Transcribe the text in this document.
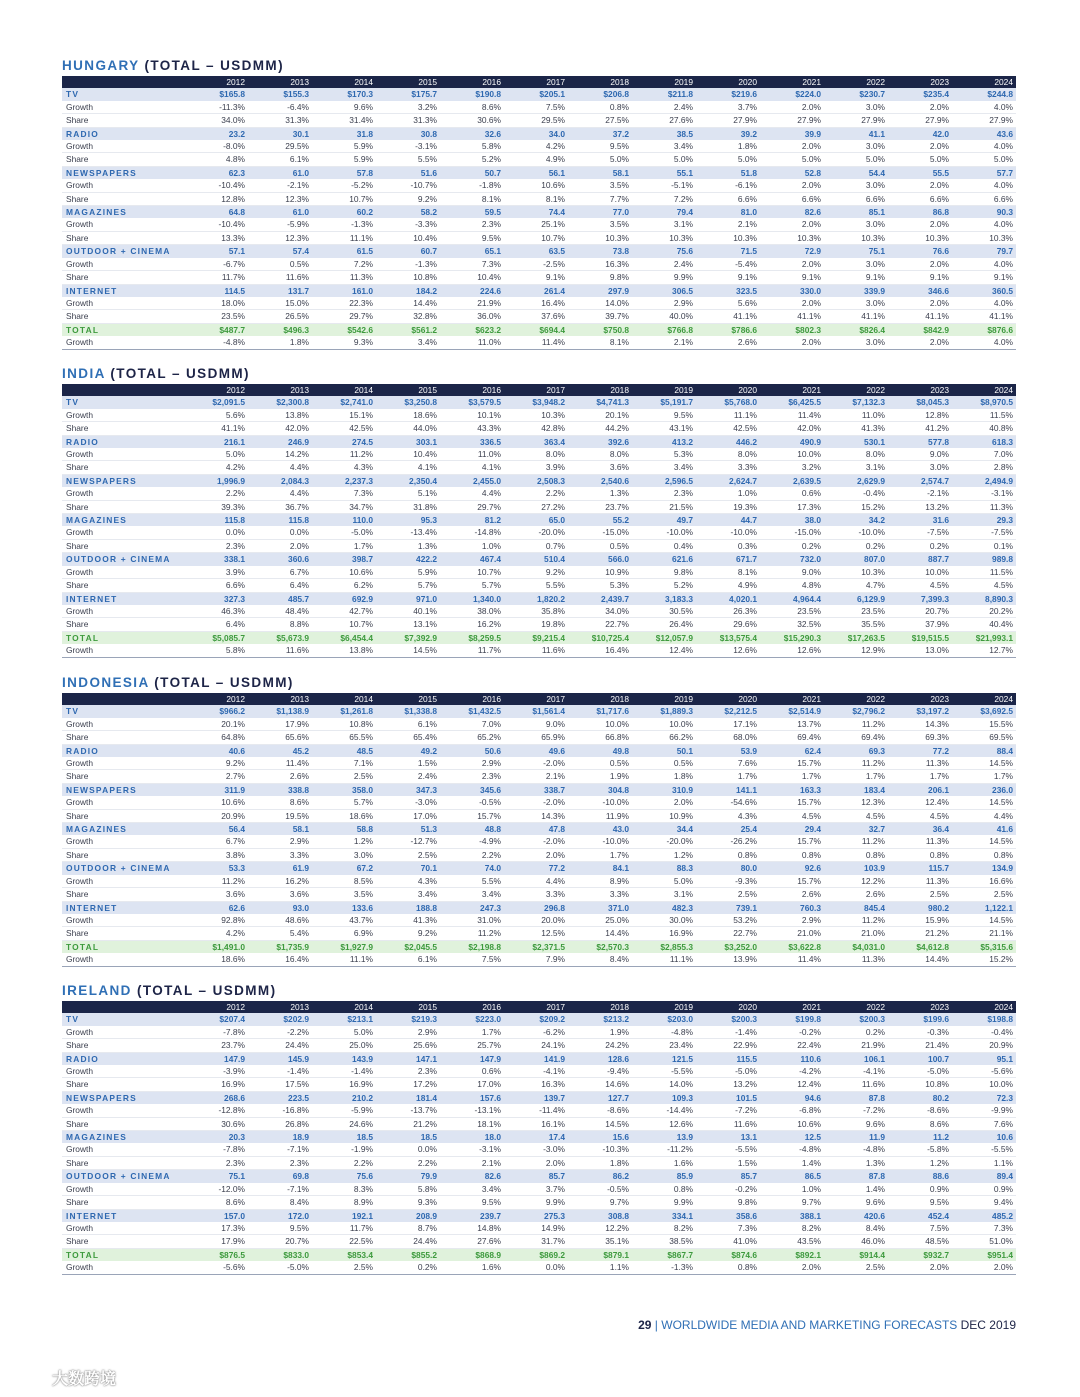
HUNGARY (TOTAL – USDMM)
	2012	2013	2014	2015	2016	2017	2018	2019	2020	2021	2022	2023	2024
TV	$165.8	$155.3	$170.3	$175.7	$190.8	$205.1	$206.8	$211.8	$219.6	$224.0	$230.7	$235.4	$244.8
Growth	-11.3%	-6.4%	9.6%	3.2%	8.6%	7.5%	0.8%	2.4%	3.7%	2.0%	3.0%	2.0%	4.0%
Share	34.0%	31.3%	31.4%	31.3%	30.6%	29.5%	27.5%	27.6%	27.9%	27.9%	27.9%	27.9%	27.9%
RADIO	23.2	30.1	31.8	30.8	32.6	34.0	37.2	38.5	39.2	39.9	41.1	42.0	43.6
Growth	-8.0%	29.5%	5.9%	-3.1%	5.8%	4.2%	9.5%	3.4%	1.8%	2.0%	3.0%	2.0%	4.0%
Share	4.8%	6.1%	5.9%	5.5%	5.2%	4.9%	5.0%	5.0%	5.0%	5.0%	5.0%	5.0%	5.0%
NEWSPAPERS	62.3	61.0	57.8	51.6	50.7	56.1	58.1	55.1	51.8	52.8	54.4	55.5	57.7
Growth	-10.4%	-2.1%	-5.2%	-10.7%	-1.8%	10.6%	3.5%	-5.1%	-6.1%	2.0%	3.0%	2.0%	4.0%
Share	12.8%	12.3%	10.7%	9.2%	8.1%	8.1%	7.7%	7.2%	6.6%	6.6%	6.6%	6.6%	6.6%
MAGAZINES	64.8	61.0	60.2	58.2	59.5	74.4	77.0	79.4	81.0	82.6	85.1	86.8	90.3
Growth	-10.4%	-5.9%	-1.3%	-3.3%	2.3%	25.1%	3.5%	3.1%	2.1%	2.0%	3.0%	2.0%	4.0%
Share	13.3%	12.3%	11.1%	10.4%	9.5%	10.7%	10.3%	10.3%	10.3%	10.3%	10.3%	10.3%	10.3%
OUTDOOR + CINEMA	57.1	57.4	61.5	60.7	65.1	63.5	73.8	75.6	71.5	72.9	75.1	76.6	79.7
Growth	-6.7%	0.5%	7.2%	-1.3%	7.3%	-2.5%	16.3%	2.4%	-5.4%	2.0%	3.0%	2.0%	4.0%
Share	11.7%	11.6%	11.3%	10.8%	10.4%	9.1%	9.8%	9.9%	9.1%	9.1%	9.1%	9.1%	9.1%
INTERNET	114.5	131.7	161.0	184.2	224.6	261.4	297.9	306.5	323.5	330.0	339.9	346.6	360.5
Growth	18.0%	15.0%	22.3%	14.4%	21.9%	16.4%	14.0%	2.9%	5.6%	2.0%	3.0%	2.0%	4.0%
Share	23.5%	26.5%	29.7%	32.8%	36.0%	37.6%	39.7%	40.0%	41.1%	41.1%	41.1%	41.1%	41.1%
TOTAL	$487.7	$496.3	$542.6	$561.2	$623.2	$694.4	$750.8	$766.8	$786.6	$802.3	$826.4	$842.9	$876.6
Growth	-4.8%	1.8%	9.3%	3.4%	11.0%	11.4%	8.1%	2.1%	2.6%	2.0%	3.0%	2.0%	4.0%
INDIA (TOTAL – USDMM)
	2012	2013	2014	2015	2016	2017	2018	2019	2020	2021	2022	2023	2024
TV	$2,091.5	$2,300.8	$2,741.0	$3,250.8	$3,579.5	$3,948.2	$4,741.3	$5,191.7	$5,768.0	$6,425.5	$7,132.3	$8,045.3	$8,970.5
Growth	5.6%	13.8%	15.1%	18.6%	10.1%	10.3%	20.1%	9.5%	11.1%	11.4%	11.0%	12.8%	11.5%
Share	41.1%	42.0%	42.5%	44.0%	43.3%	42.8%	44.2%	43.1%	42.5%	42.0%	41.3%	41.2%	40.8%
RADIO	216.1	246.9	274.5	303.1	336.5	363.4	392.6	413.2	446.2	490.9	530.1	577.8	618.3
Growth	5.0%	14.2%	11.2%	10.4%	11.0%	8.0%	8.0%	5.3%	8.0%	10.0%	8.0%	9.0%	7.0%
Share	4.2%	4.4%	4.3%	4.1%	4.1%	3.9%	3.6%	3.4%	3.3%	3.2%	3.1%	3.0%	2.8%
NEWSPAPERS	1,996.9	2,084.3	2,237.3	2,350.4	2,455.0	2,508.3	2,540.6	2,596.5	2,624.7	2,639.5	2,629.9	2,574.7	2,494.9
Growth	2.2%	4.4%	7.3%	5.1%	4.4%	2.2%	1.3%	2.3%	1.0%	0.6%	-0.4%	-2.1%	-3.1%
Share	39.3%	36.7%	34.7%	31.8%	29.7%	27.2%	23.7%	21.5%	19.3%	17.3%	15.2%	13.2%	11.3%
MAGAZINES	115.8	115.8	110.0	95.3	81.2	65.0	55.2	49.7	44.7	38.0	34.2	31.6	29.3
Growth	0.0%	0.0%	-5.0%	-13.4%	-14.8%	-20.0%	-15.0%	-10.0%	-10.0%	-15.0%	-10.0%	-7.5%	-7.5%
Share	2.3%	2.0%	1.7%	1.3%	1.0%	0.7%	0.5%	0.4%	0.3%	0.2%	0.2%	0.2%	0.1%
OUTDOOR + CINEMA	338.1	360.6	398.7	422.2	467.4	510.4	566.0	621.6	671.7	732.0	807.0	887.7	989.8
Growth	3.9%	6.7%	10.6%	5.9%	10.7%	9.2%	10.9%	9.8%	8.1%	9.0%	10.3%	10.0%	11.5%
Share	6.6%	6.4%	6.2%	5.7%	5.7%	5.5%	5.3%	5.2%	4.9%	4.8%	4.7%	4.5%	4.5%
INTERNET	327.3	485.7	692.9	971.0	1,340.0	1,820.2	2,439.7	3,183.3	4,020.1	4,964.4	6,129.9	7,399.3	8,890.3
Growth	46.3%	48.4%	42.7%	40.1%	38.0%	35.8%	34.0%	30.5%	26.3%	23.5%	23.5%	20.7%	20.2%
Share	6.4%	8.8%	10.7%	13.1%	16.2%	19.8%	22.7%	26.4%	29.6%	32.5%	35.5%	37.9%	40.4%
TOTAL	$5,085.7	$5,673.9	$6,454.4	$7,392.9	$8,259.5	$9,215.4	$10,725.4	$12,057.9	$13,575.4	$15,290.3	$17,263.5	$19,515.5	$21,993.1
Growth	5.8%	11.6%	13.8%	14.5%	11.7%	11.6%	16.4%	12.4%	12.6%	12.6%	12.9%	13.0%	12.7%
INDONESIA (TOTAL – USDMM)
	2012	2013	2014	2015	2016	2017	2018	2019	2020	2021	2022	2023	2024
TV	$966.2	$1,138.9	$1,261.8	$1,338.8	$1,432.5	$1,561.4	$1,717.6	$1,889.3	$2,212.5	$2,514.9	$2,796.2	$3,197.2	$3,692.5
Growth	20.1%	17.9%	10.8%	6.1%	7.0%	9.0%	10.0%	10.0%	17.1%	13.7%	11.2%	14.3%	15.5%
Share	64.8%	65.6%	65.5%	65.4%	65.2%	65.9%	66.8%	66.2%	68.0%	69.4%	69.4%	69.3%	69.5%
RADIO	40.6	45.2	48.5	49.2	50.6	49.6	49.8	50.1	53.9	62.4	69.3	77.2	88.4
Growth	9.2%	11.4%	7.1%	1.5%	2.9%	-2.0%	0.5%	0.5%	7.6%	15.7%	11.2%	11.3%	14.5%
Share	2.7%	2.6%	2.5%	2.4%	2.3%	2.1%	1.9%	1.8%	1.7%	1.7%	1.7%	1.7%	1.7%
NEWSPAPERS	311.9	338.8	358.0	347.3	345.6	338.7	304.8	310.9	141.1	163.3	183.4	206.1	236.0
Growth	10.6%	8.6%	5.7%	-3.0%	-0.5%	-2.0%	-10.0%	2.0%	-54.6%	15.7%	12.3%	12.4%	14.5%
Share	20.9%	19.5%	18.6%	17.0%	15.7%	14.3%	11.9%	10.9%	4.3%	4.5%	4.5%	4.5%	4.4%
MAGAZINES	56.4	58.1	58.8	51.3	48.8	47.8	43.0	34.4	25.4	29.4	32.7	36.4	41.6
Growth	6.7%	2.9%	1.2%	-12.7%	-4.9%	-2.0%	-10.0%	-20.0%	-26.2%	15.7%	11.2%	11.3%	14.5%
Share	3.8%	3.3%	3.0%	2.5%	2.2%	2.0%	1.7%	1.2%	0.8%	0.8%	0.8%	0.8%	0.8%
OUTDOOR + CINEMA	53.3	61.9	67.2	70.1	74.0	77.2	84.1	88.3	80.0	92.6	103.9	115.7	134.9
Growth	11.2%	16.2%	8.5%	4.3%	5.5%	4.4%	8.9%	5.0%	-9.3%	15.7%	12.2%	11.3%	16.6%
Share	3.6%	3.6%	3.5%	3.4%	3.4%	3.3%	3.3%	3.1%	2.5%	2.6%	2.6%	2.5%	2.5%
INTERNET	62.6	93.0	133.6	188.8	247.3	296.8	371.0	482.3	739.1	760.3	845.4	980.2	1,122.1
Growth	92.8%	48.6%	43.7%	41.3%	31.0%	20.0%	25.0%	30.0%	53.2%	2.9%	11.2%	15.9%	14.5%
Share	4.2%	5.4%	6.9%	9.2%	11.2%	12.5%	14.4%	16.9%	22.7%	21.0%	21.0%	21.2%	21.1%
TOTAL	$1,491.0	$1,735.9	$1,927.9	$2,045.5	$2,198.8	$2,371.5	$2,570.3	$2,855.3	$3,252.0	$3,622.8	$4,031.0	$4,612.8	$5,315.6
Growth	18.6%	16.4%	11.1%	6.1%	7.5%	7.9%	8.4%	11.1%	13.9%	11.4%	11.3%	14.4%	15.2%
IRELAND (TOTAL – USDMM)
	2012	2013	2014	2015	2016	2017	2018	2019	2020	2021	2022	2023	2024
TV	$207.4	$202.9	$213.1	$219.3	$223.0	$209.2	$213.2	$203.0	$200.3	$199.8	$200.3	$199.6	$198.8
Growth	-7.8%	-2.2%	5.0%	2.9%	1.7%	-6.2%	1.9%	-4.8%	-1.4%	-0.2%	0.2%	-0.3%	-0.4%
Share	23.7%	24.4%	25.0%	25.6%	25.7%	24.1%	24.2%	23.4%	22.9%	22.4%	21.9%	21.4%	20.9%
RADIO	147.9	145.9	143.9	147.1	147.9	141.9	128.6	121.5	115.5	110.6	106.1	100.7	95.1
Growth	-3.9%	-1.4%	-1.4%	2.3%	0.6%	-4.1%	-9.4%	-5.5%	-5.0%	-4.2%	-4.1%	-5.0%	-5.6%
Share	16.9%	17.5%	16.9%	17.2%	17.0%	16.3%	14.6%	14.0%	13.2%	12.4%	11.6%	10.8%	10.0%
NEWSPAPERS	268.6	223.5	210.2	181.4	157.6	139.7	127.7	109.3	101.5	94.6	87.8	80.2	72.3
Growth	-12.8%	-16.8%	-5.9%	-13.7%	-13.1%	-11.4%	-8.6%	-14.4%	-7.2%	-6.8%	-7.2%	-8.6%	-9.9%
Share	30.6%	26.8%	24.6%	21.2%	18.1%	16.1%	14.5%	12.6%	11.6%	10.6%	9.6%	8.6%	7.6%
MAGAZINES	20.3	18.9	18.5	18.5	18.0	17.4	15.6	13.9	13.1	12.5	11.9	11.2	10.6
Growth	-7.8%	-7.1%	-1.9%	0.0%	-3.1%	-3.0%	-10.3%	-11.2%	-5.5%	-4.8%	-4.8%	-5.8%	-5.5%
Share	2.3%	2.3%	2.2%	2.2%	2.1%	2.0%	1.8%	1.6%	1.5%	1.4%	1.3%	1.2%	1.1%
OUTDOOR + CINEMA	75.1	69.8	75.6	79.9	82.6	85.7	86.2	85.9	85.7	86.5	87.8	88.6	89.4
Growth	-12.0%	-7.1%	8.3%	5.8%	3.4%	3.7%	-0.5%	0.8%	-0.2%	1.0%	1.4%	0.9%	0.9%
Share	8.6%	8.4%	8.9%	9.3%	9.5%	9.9%	9.7%	9.9%	9.8%	9.7%	9.6%	9.5%	9.4%
INTERNET	157.0	172.0	192.1	208.9	239.7	275.3	308.8	334.1	358.6	388.1	420.6	452.4	485.2
Growth	17.3%	9.5%	11.7%	8.7%	14.8%	14.9%	12.2%	8.2%	7.3%	8.2%	8.4%	7.5%	7.3%
Share	17.9%	20.7%	22.5%	24.4%	27.6%	31.7%	35.1%	38.5%	41.0%	43.5%	46.0%	48.5%	51.0%
TOTAL	$876.5	$833.0	$853.4	$855.2	$868.9	$869.2	$879.1	$867.7	$874.6	$892.1	$914.4	$932.7	$951.4
Growth	-5.6%	-5.0%	2.5%	0.2%	1.6%	0.0%	1.1%	-1.3%	0.8%	2.0%	2.5%	2.0%	2.0%
29 | WORLDWIDE MEDIA AND MARKETING FORECASTS DEC 2019
大数跨境
